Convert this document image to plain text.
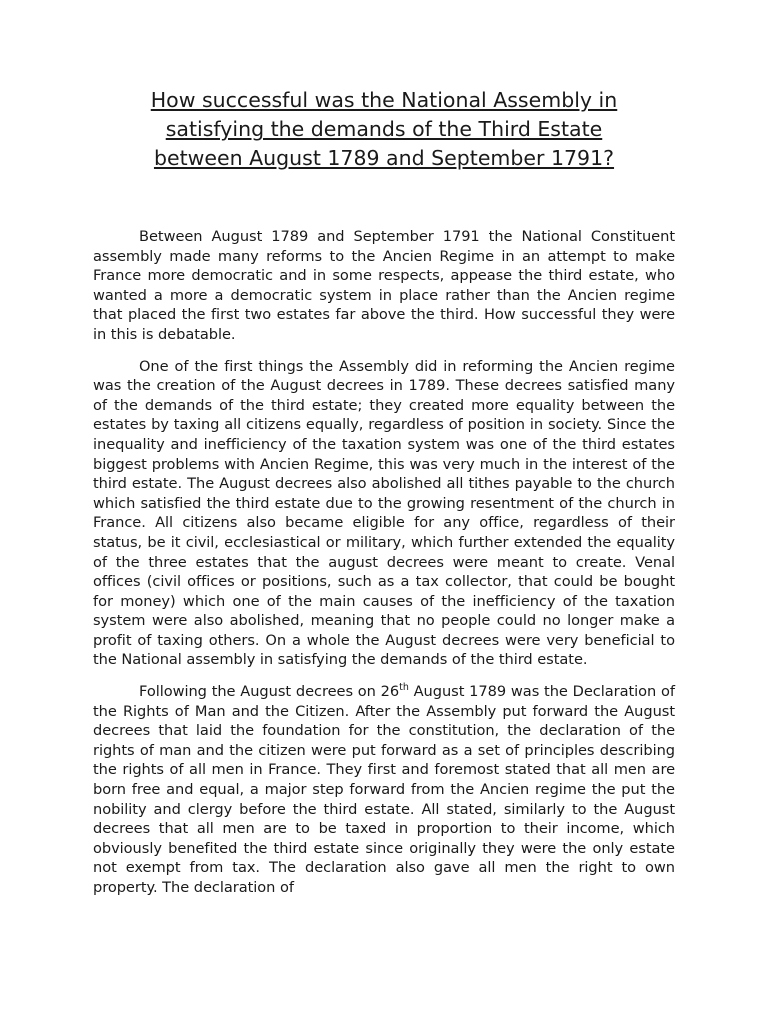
How successful was the National Assembly in
satisfying the demands of the Third Estate
between August 1789 and September 1791?

Between August 1789 and September 1791 the National Constituent assembly made many reforms to the Ancien Regime in an attempt to make France more democratic and in some respects, appease the third estate, who wanted a more a democratic system in place rather than the Ancien regime that placed the first two estates far above the third. How successful they were in this is debatable.

One of the first things the Assembly did in reforming the Ancien regime was the creation of the August decrees in 1789. These decrees satisfied many of the demands of the third estate; they created more equality between the estates by taxing all citizens equally, regardless of position in society. Since the inequality and inefficiency of the taxation system was one of the third estates biggest problems with Ancien Regime, this was very much in the interest of the third estate. The August decrees also abolished all tithes payable to the church which satisfied the third estate due to the growing resentment of the church in France. All citizens also became eligible for any office, regardless of their status, be it civil, ecclesiastical or military, which further extended the equality of the three estates that the august decrees were meant to create. Venal offices (civil offices or positions, such as a tax collector, that could be bought for money) which one of the main causes of the inefficiency of the taxation system were also abolished, meaning that no people could no longer make a profit of taxing others. On a whole the August decrees were very beneficial to the National assembly in satisfying the demands of the third estate.

Following the August decrees on 26th August 1789 was the Declaration of the Rights of Man and the Citizen. After the Assembly put forward the August decrees that laid the foundation for the constitution, the declaration of the rights of man and the citizen were put forward as a set of principles describing the rights of all men in France. They first and foremost stated that all men are born free and equal, a major step forward from the Ancien regime the put the nobility and clergy before the third estate. All stated, similarly to the August decrees that all men are to be taxed in proportion to their income, which obviously benefited the third estate since originally they were the only estate not exempt from tax. The declaration also gave all men the right to own property. The declaration of
